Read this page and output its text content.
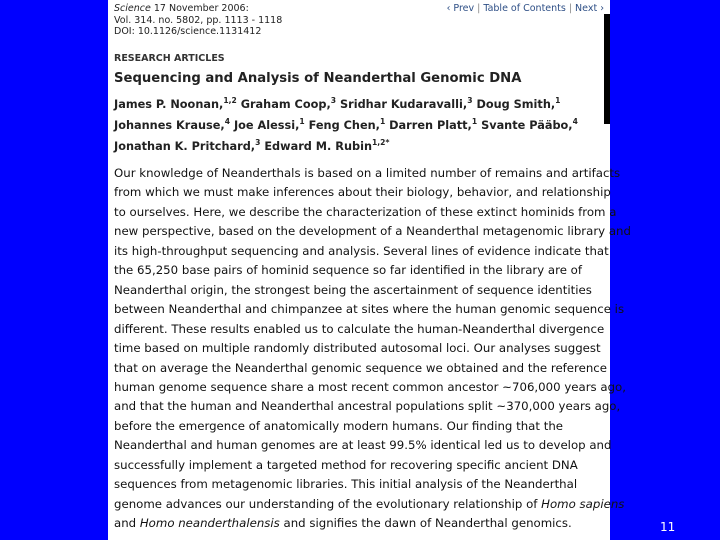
Science 17 November 2006:
Vol. 314. no. 5802, pp. 1113 - 1118
DOI: 10.1126/science.1131412
‹ Prev | Table of Contents | Next ›
RESEARCH ARTICLES
Sequencing and Analysis of Neanderthal Genomic DNA
James P. Noonan,$^{1,2}$ Graham Coop,$^3$ Sridhar Kudaravalli,$^3$ Doug Smith,$^1$
Johannes Krause,$^4$ Joe Alessi,$^1$ Feng Chen,$^1$ Darren Platt,$^1$ Svante Pääbo,$^4$
Jonathan K. Pritchard,$^3$ Edward M. Rubin$^{1,2*}$
Our knowledge of Neanderthals is based on a limited number of remains and artifacts
from which we must make inferences about their biology, behavior, and relationship
to ourselves. Here, we describe the characterization of these extinct hominids from a
new perspective, based on the development of a Neanderthal metagenomic library and
its high-throughput sequencing and analysis. Several lines of evidence indicate that
the 65,250 base pairs of hominid sequence so far identified in the library are of
Neanderthal origin, the strongest being the ascertainment of sequence identities
between Neanderthal and chimpanzee at sites where the human genomic sequence is
different. These results enabled us to calculate the human-Neanderthal divergence
time based on multiple randomly distributed autosomal loci. Our analyses suggest
that on average the Neanderthal genomic sequence we obtained and the reference
human genome sequence share a most recent common ancestor ~706,000 years ago,
and that the human and Neanderthal ancestral populations split ~370,000 years ago,
before the emergence of anatomically modern humans. Our finding that the
Neanderthal and human genomes are at least 99.5% identical led us to develop and
successfully implement a targeted method for recovering specific ancient DNA
sequences from metagenomic libraries. This initial analysis of the Neanderthal
genome advances our understanding of the evolutionary relationship of Homo sapiens
and Homo neanderthalensis and signifies the dawn of Neanderthal genomics.	11
